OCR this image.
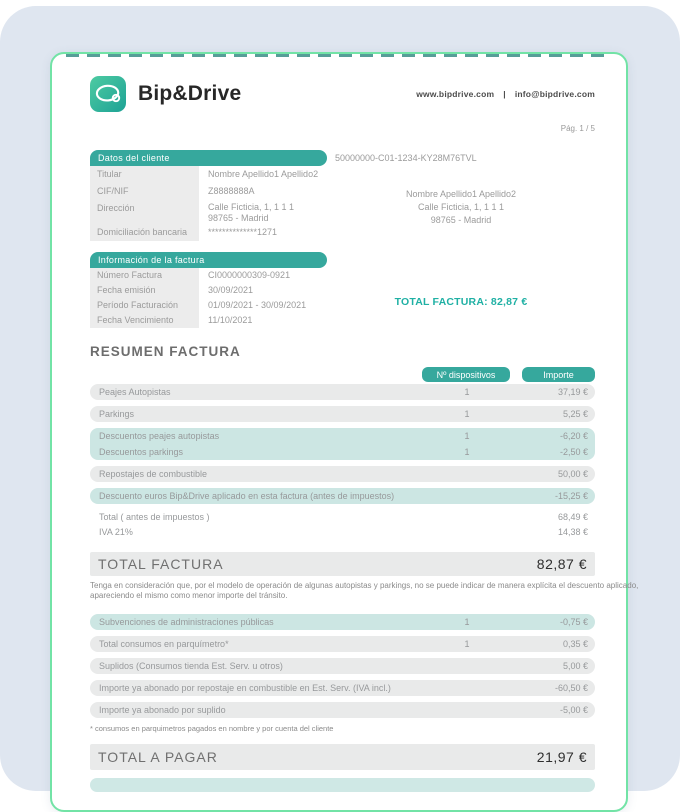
Bip&Drive	www.bipdrive.com | info@bipdrive.com
Pág. 1 / 5
Datos del cliente
Titular	Nombre Apellido1 Apellido2
CIF/NIF	Z8888888A
Dirección	Calle Ficticia, 1, 1 1 1
98765 - Madrid
Domiciliación bancaria	**************1271
50000000-C01-1234-KY28M76TVL
Nombre Apellido1 Apellido2
Calle Ficticia, 1, 1 1 1
98765 - Madrid
Información de la factura
Número Factura	CI0000000309-0921
Fecha emisión	30/09/2021
Período Facturación	01/09/2021 - 30/09/2021
Fecha Vencimiento	11/10/2021
TOTAL FACTURA: 82,87 €
RESUMEN FACTURA
Nº dispositivos	Importe
Peajes Autopistas	1	37,19 €
Parkings	1	5,25 €
Descuentos peajes autopistas	1	-6,20 €
Descuentos parkings	1	-2,50 €
Repostajes de combustible	50,00 €
Descuento euros Bip&Drive aplicado en esta factura (antes de impuestos)	-15,25 €
Total ( antes de impuestos )	68,49 €
IVA 21%	14,38 €
TOTAL FACTURA	82,87 €
Tenga en consideración que, por el modelo de operación de algunas autopistas y parkings, no se puede indicar de manera explícita el descuento aplicado, apareciendo el mismo como menor importe del tránsito.
Subvenciones de administraciones públicas	1	-0,75 €
Total consumos en parquímetro*	1	0,35 €
Suplidos (Consumos tienda Est. Serv. u otros)	5,00 €
Importe ya abonado por repostaje en combustible en Est. Serv. (IVA incl.)	-60,50 €
Importe ya abonado por suplido	-5,00 €
* consumos en parquimetros pagados en nombre y por cuenta del cliente
TOTAL A PAGAR	21,97 €
